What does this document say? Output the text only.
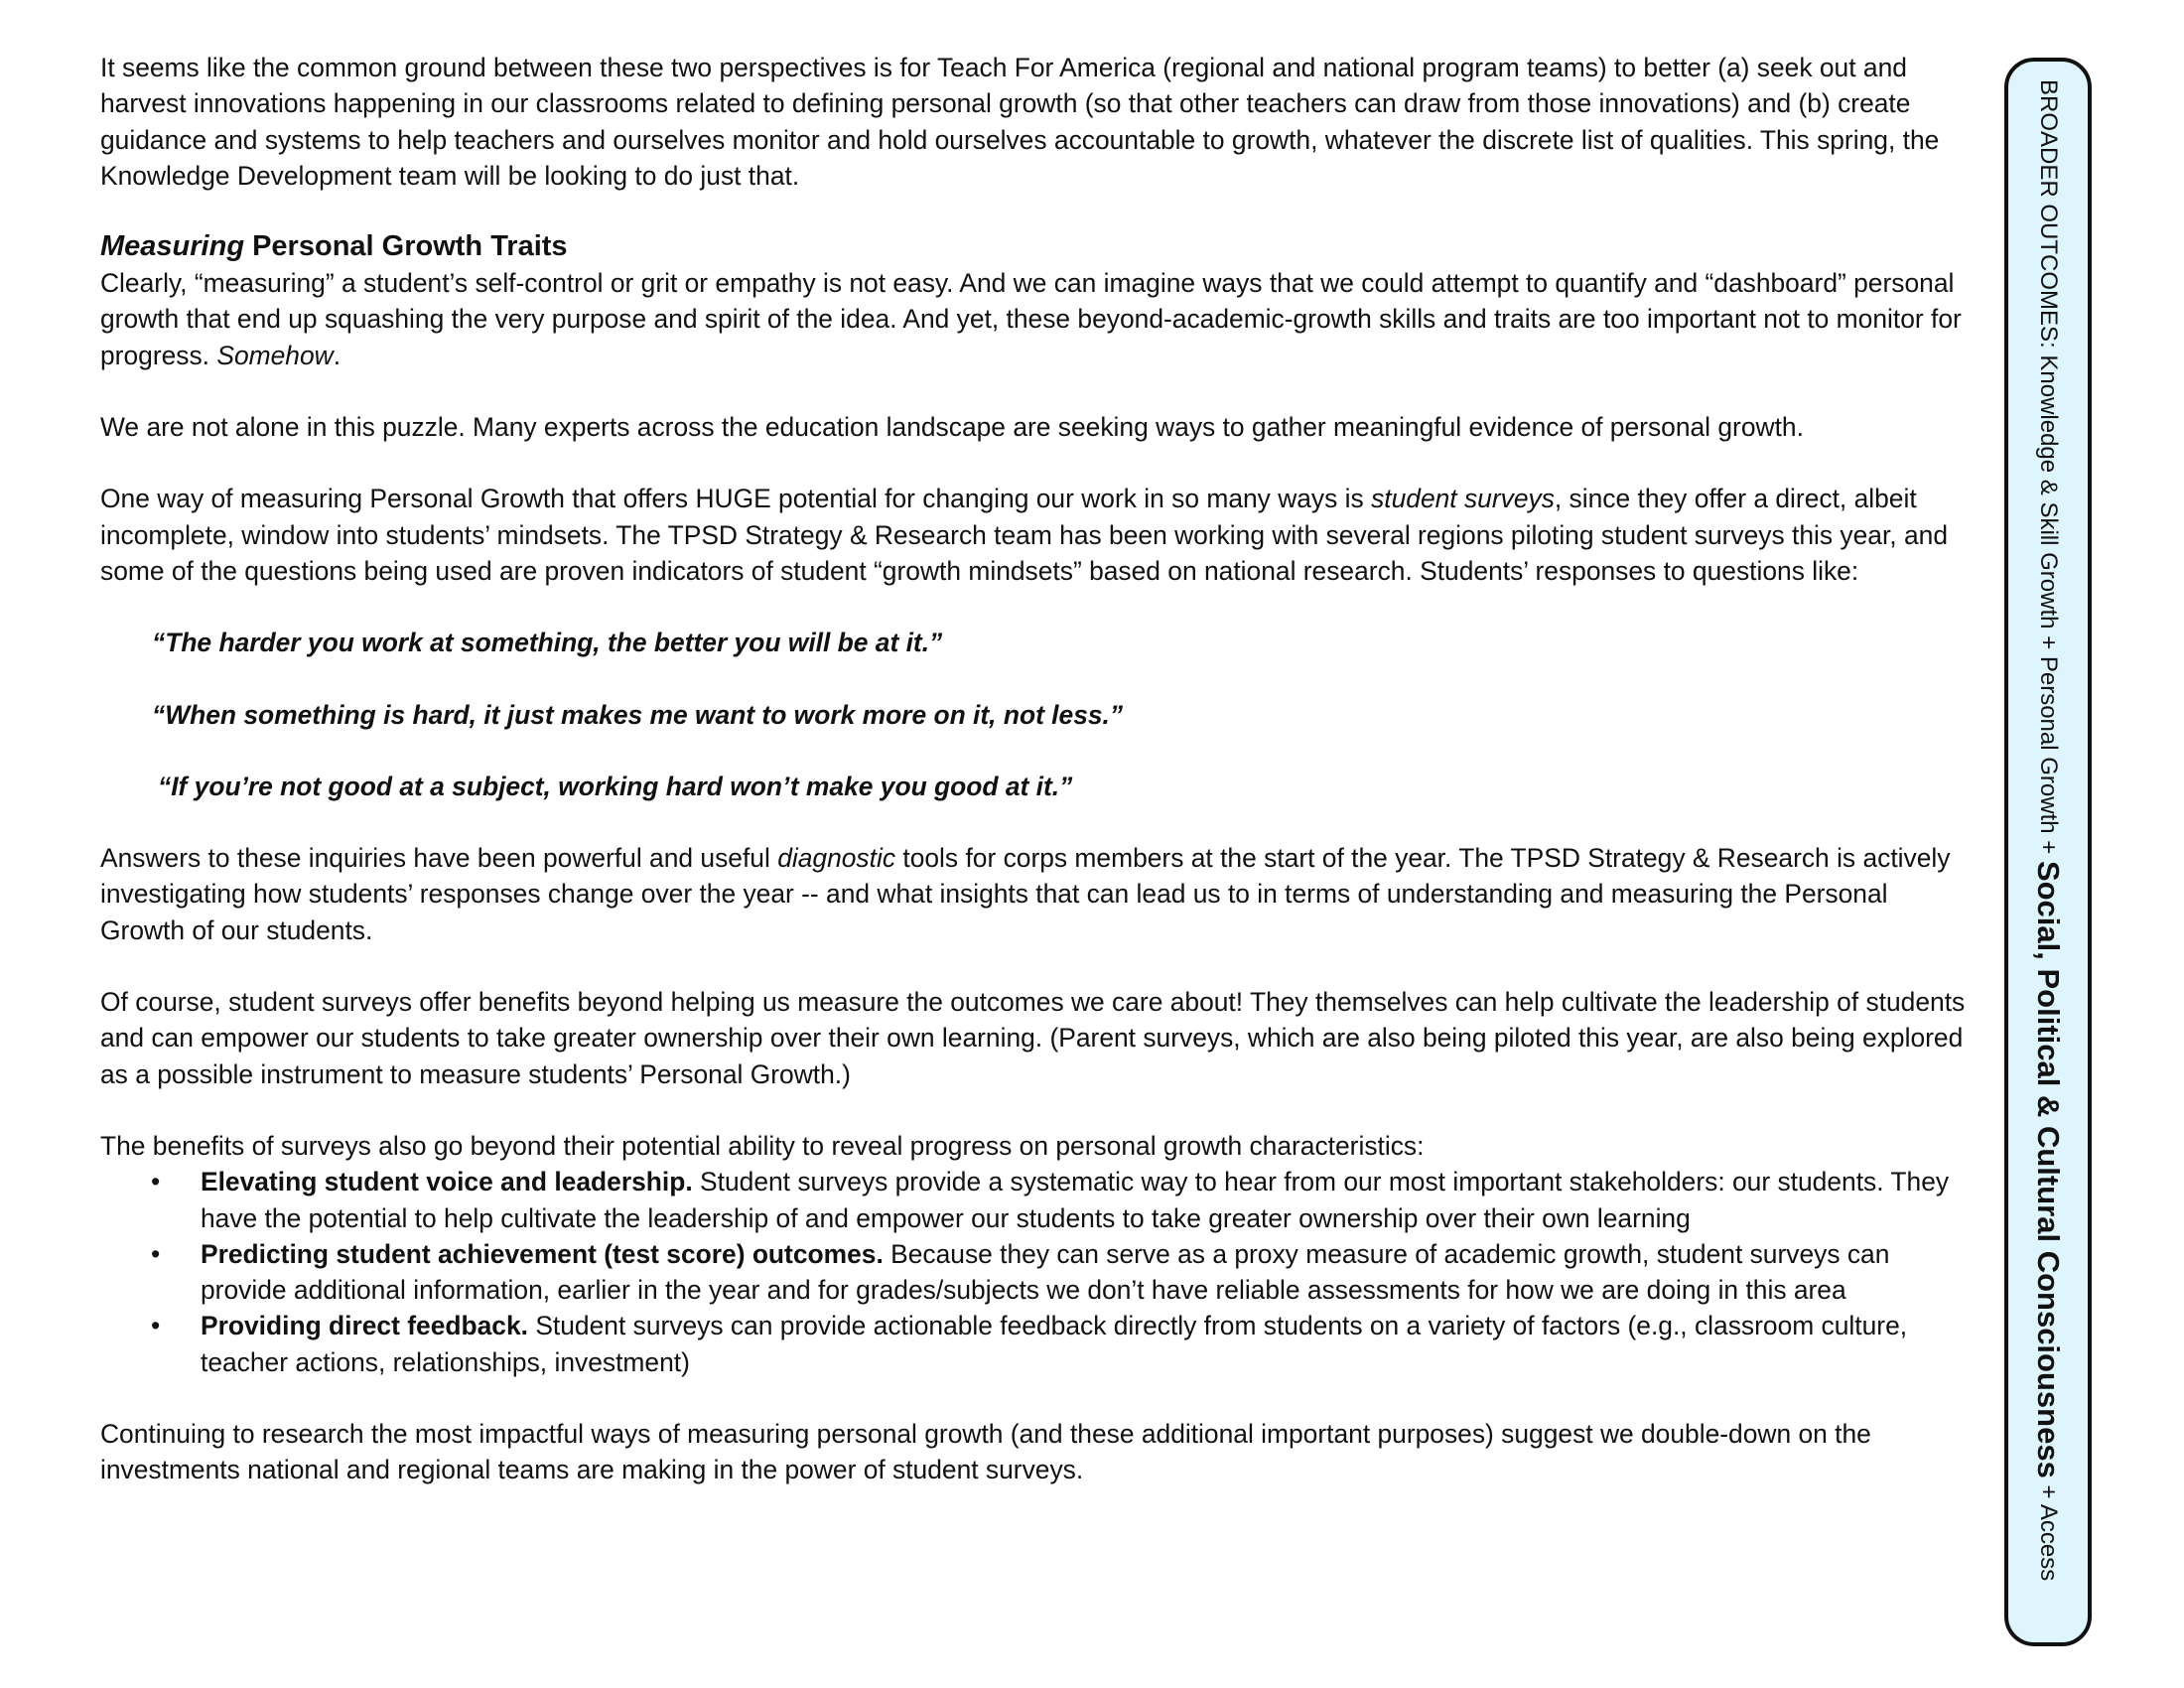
It seems like the common ground between these two perspectives is for Teach For America (regional and national program teams) to better (a) seek out and harvest innovations happening in our classrooms related to defining personal growth (so that other teachers can draw from those innovations) and (b) create guidance and systems to help teachers and ourselves monitor and hold ourselves accountable to growth, whatever the discrete list of qualities. This spring, the Knowledge Development team will be looking to do just that.

Measuring Personal Growth Traits

Clearly, “measuring” a student’s self-control or grit or empathy is not easy. And we can imagine ways that we could attempt to quantify and “dashboard” personal growth that end up squashing the very purpose and spirit of the idea. And yet, these beyond-academic-growth skills and traits are too important not to monitor for progress. Somehow.

We are not alone in this puzzle. Many experts across the education landscape are seeking ways to gather meaningful evidence of personal growth.

One way of measuring Personal Growth that offers HUGE potential for changing our work in so many ways is student surveys, since they offer a direct, albeit incomplete, window into students’ mindsets. The TPSD Strategy & Research team has been working with several regions piloting student surveys this year, and some of the questions being used are proven indicators of student “growth mindsets” based on national research. Students’ responses to questions like:

“The harder you work at something, the better you will be at it.”

“When something is hard, it just makes me want to work more on it, not less.”

“If you’re not good at a subject, working hard won’t make you good at it.”

Answers to these inquiries have been powerful and useful diagnostic tools for corps members at the start of the year. The TPSD Strategy & Research is actively investigating how students’ responses change over the year -- and what insights that can lead us to in terms of understanding and measuring the Personal Growth of our students.

Of course, student surveys offer benefits beyond helping us measure the outcomes we care about! They themselves can help cultivate the leadership of students and can empower our students to take greater ownership over their own learning. (Parent surveys, which are also being piloted this year, are also being explored as a possible instrument to measure students’ Personal Growth.)

The benefits of surveys also go beyond their potential ability to reveal progress on personal growth characteristics:

• Elevating student voice and leadership. Student surveys provide a systematic way to hear from our most important stakeholders: our students. They have the potential to help cultivate the leadership of and empower our students to take greater ownership over their own learning
• Predicting student achievement (test score) outcomes. Because they can serve as a proxy measure of academic growth, student surveys can provide additional information, earlier in the year and for grades/subjects we don’t have reliable assessments for how we are doing in this area
• Providing direct feedback. Student surveys can provide actionable feedback directly from students on a variety of factors (e.g., classroom culture, teacher actions, relationships, investment)

Continuing to research the most impactful ways of measuring personal growth (and these additional important purposes) suggest we double-down on the investments national and regional teams are making in the power of student surveys.

BROADER OUTCOMES: Knowledge & Skill Growth + Personal Growth + Social, Political & Cultural Consciousness + Access
